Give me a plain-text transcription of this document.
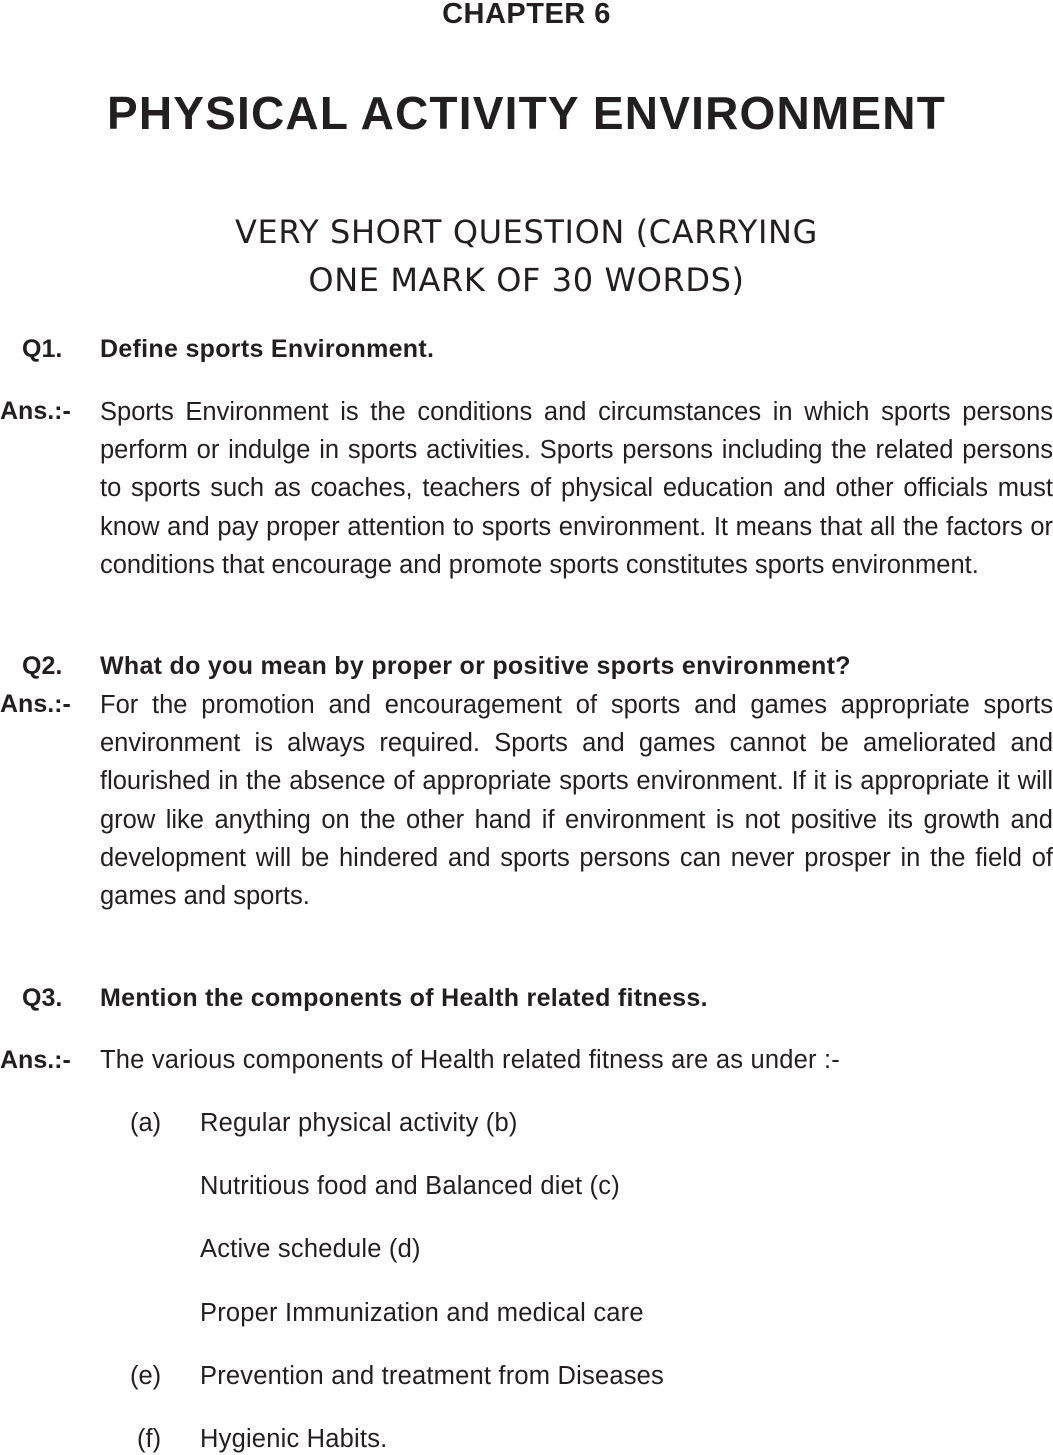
CHAPTER 6
PHYSICAL ACTIVITY ENVIRONMENT
VERY SHORT QUESTION (CARRYING
ONE MARK OF 30 WORDS)
Q1. Define sports Environment.
Ans.:- Sports Environment is the conditions and circumstances in which sports persons perform or indulge in sports activities. Sports persons including the related persons to sports such as coaches, teachers of physical education and other officials must know and pay proper attention to sports environment. It means that all the factors or conditions that encourage and promote sports constitutes sports environment.
Q2. What do you mean by proper or positive sports environment?
Ans.:- For the promotion and encouragement of sports and games appropriate sports environment is always required. Sports and games cannot be ameliorated and flourished in the absence of appropriate sports environment. If it is appropriate it will grow like anything on the other hand if environment is not positive its growth and development will be hindered and sports persons can never prosper in the field of games and sports.
Q3. Mention the components of Health related fitness.
Ans.:- The various components of Health related fitness are as under :-
(a) Regular physical activity (b)
Nutritious food and Balanced diet (c)
Active schedule (d)
Proper Immunization and medical care
(e) Prevention and treatment from Diseases
(f) Hygienic Habits.
